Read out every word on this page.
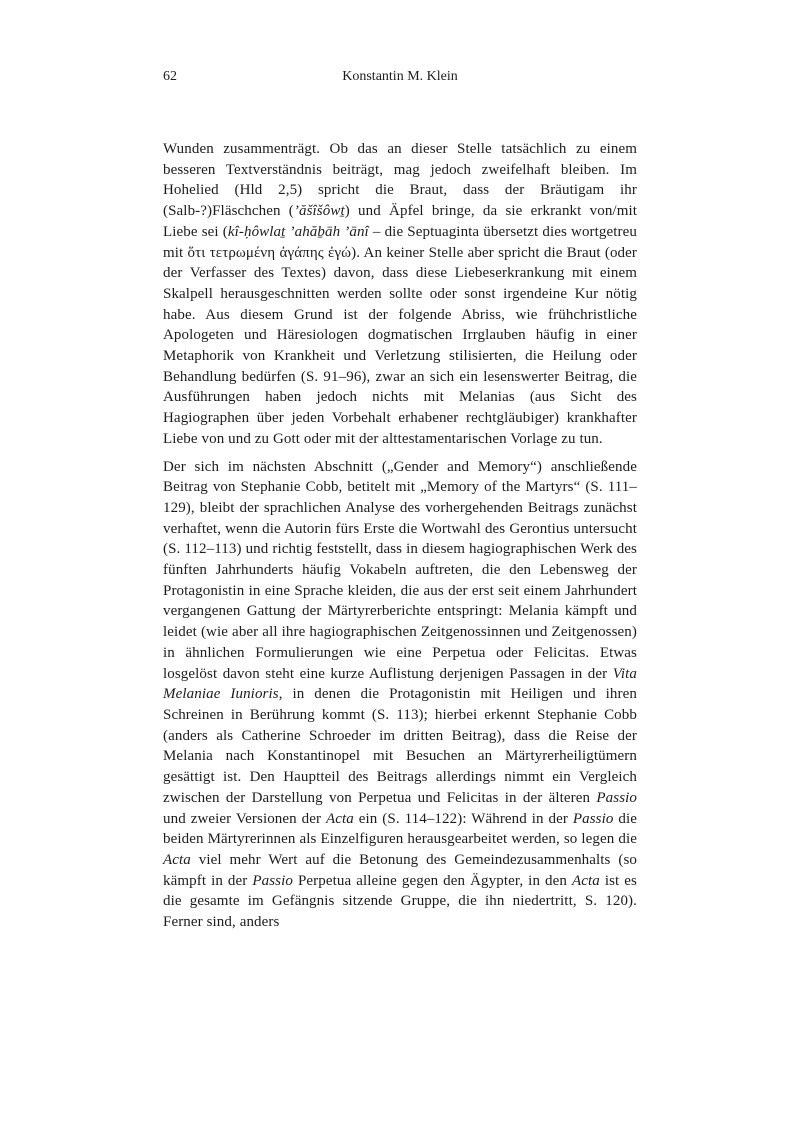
62	Konstantin M. Klein

Wunden zusammenträgt. Ob das an dieser Stelle tatsächlich zu einem besseren Textverständnis beiträgt, mag jedoch zweifelhaft bleiben. Im Hohelied (Hld 2,5) spricht die Braut, dass der Bräutigam ihr (Salb-?)Fläschchen (’ăšîšôwṯ) und Äpfel bringe, da sie erkrankt von/mit Liebe sei (kî-ḥôwlaṯ ’ahăḇāh ’ānî – die Septuaginta übersetzt dies wortgetreu mit ὅτι τετρωμένη ἀγάπης ἐγώ). An keiner Stelle aber spricht die Braut (oder der Verfasser des Textes) davon, dass diese Liebeserkrankung mit einem Skalpell herausgeschnitten werden sollte oder sonst irgendeine Kur nötig habe. Aus diesem Grund ist der folgende Abriss, wie frühchristliche Apologeten und Häresiologen dogmatischen Irrglauben häufig in einer Metaphorik von Krankheit und Verletzung stilisierten, die Heilung oder Behandlung bedürfen (S. 91–96), zwar an sich ein lesenswerter Beitrag, die Ausführungen haben jedoch nichts mit Melanias (aus Sicht des Hagiographen über jeden Vorbehalt erhabener rechtgläubiger) krankhafter Liebe von und zu Gott oder mit der alttestamentarischen Vorlage zu tun.

Der sich im nächsten Abschnitt („Gender and Memory“) anschließende Beitrag von Stephanie Cobb, betitelt mit „Memory of the Martyrs“ (S. 111–129), bleibt der sprachlichen Analyse des vorhergehenden Beitrags zunächst verhaftet, wenn die Autorin fürs Erste die Wortwahl des Gerontius untersucht (S. 112–113) und richtig feststellt, dass in diesem hagiographischen Werk des fünften Jahrhunderts häufig Vokabeln auftreten, die den Lebensweg der Protagonistin in eine Sprache kleiden, die aus der erst seit einem Jahrhundert vergangenen Gattung der Märtyrerberichte entspringt: Melania kämpft und leidet (wie aber all ihre hagiographischen Zeitgenossinnen und Zeitgenossen) in ähnlichen Formulierungen wie eine Perpetua oder Felicitas. Etwas losgelöst davon steht eine kurze Auflistung derjenigen Passagen in der Vita Melaniae Iunioris, in denen die Protagonistin mit Heiligen und ihren Schreinen in Berührung kommt (S. 113); hierbei erkennt Stephanie Cobb (anders als Catherine Schroeder im dritten Beitrag), dass die Reise der Melania nach Konstantinopel mit Besuchen an Märtyrerheiligtümern gesättigt ist. Den Hauptteil des Beitrags allerdings nimmt ein Vergleich zwischen der Darstellung von Perpetua und Felicitas in der älteren Passio und zweier Versionen der Acta ein (S. 114–122): Während in der Passio die beiden Märtyrerinnen als Einzelfiguren herausgearbeitet werden, so legen die Acta viel mehr Wert auf die Betonung des Gemeindezusammenhalts (so kämpft in der Passio Perpetua alleine gegen den Ägypter, in den Acta ist es die gesamte im Gefängnis sitzende Gruppe, die ihn niedertritt, S. 120). Ferner sind, anders
